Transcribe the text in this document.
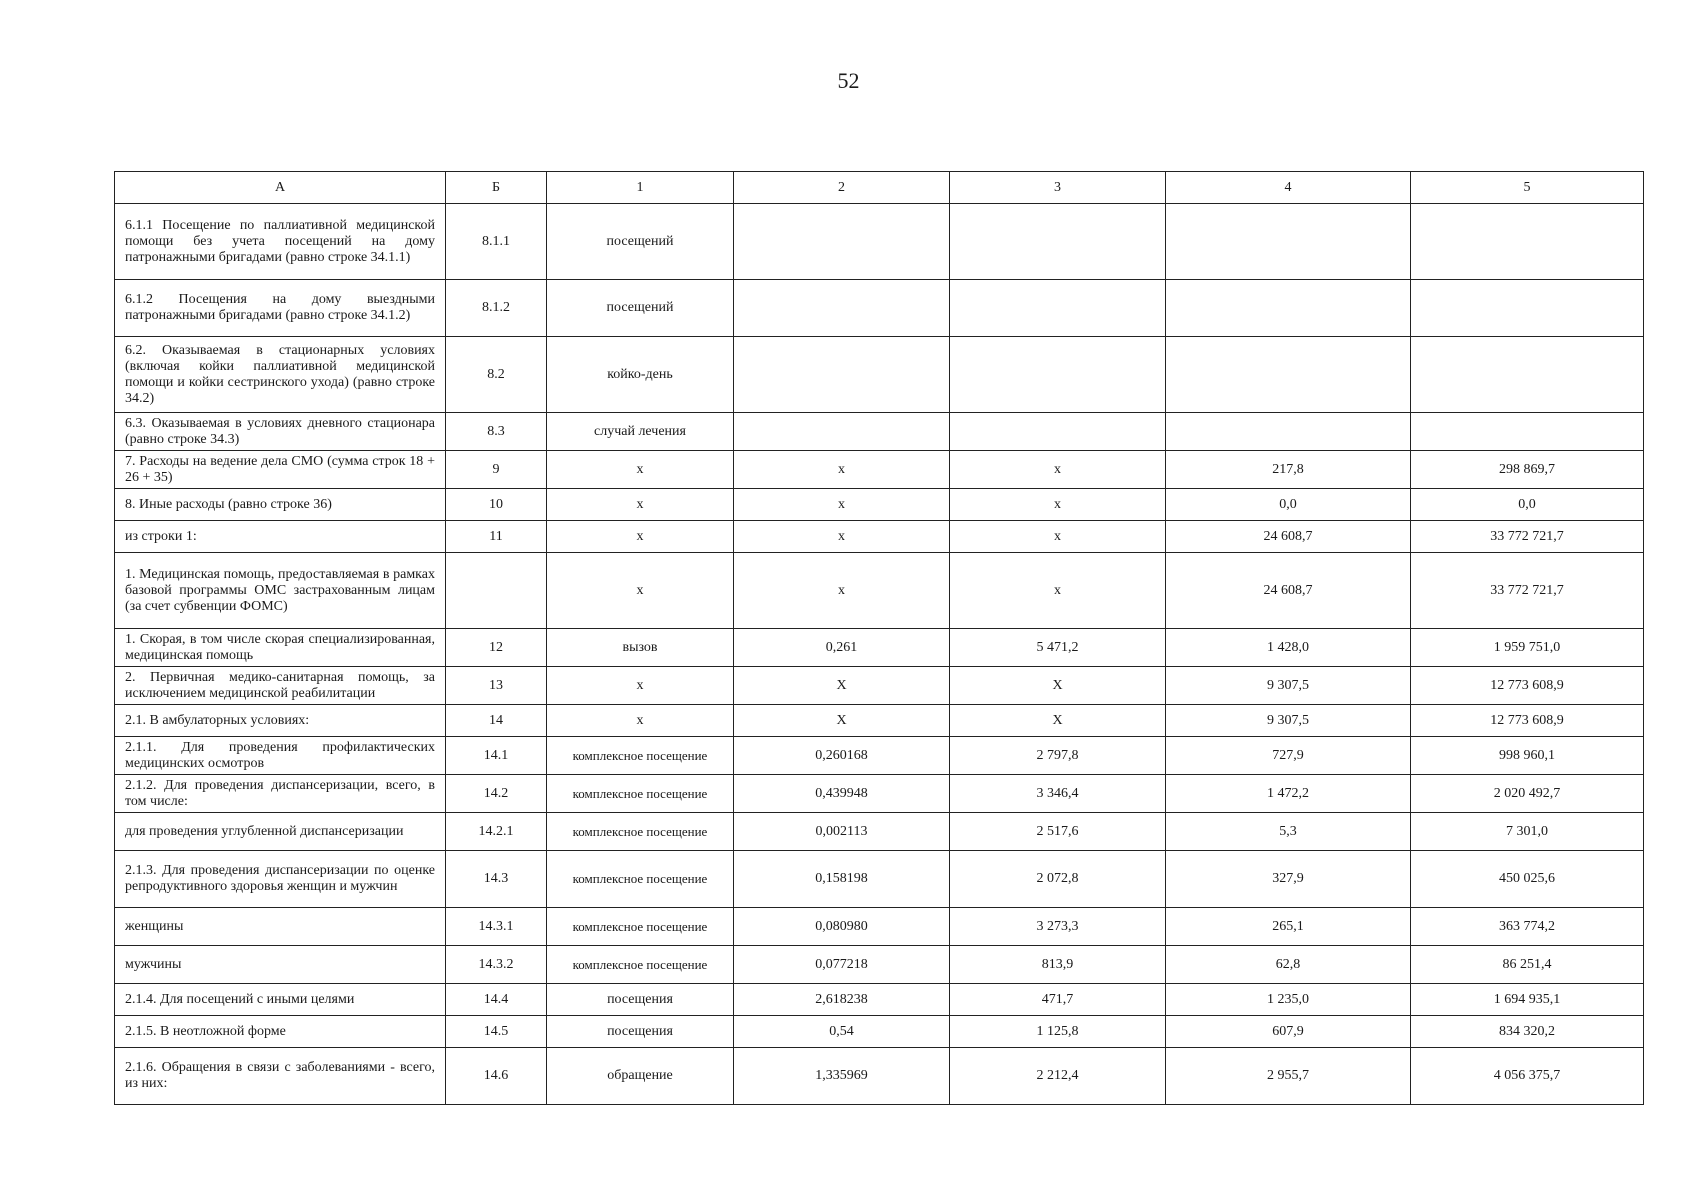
52
А	Б	1	2	3	4	5
6.1.1 Посещение по паллиативной медицинской помощи без учета посещений на дому патронажными бригадами (равно строке 34.1.1)	8.1.1	посещений				
6.1.2 Посещения на дому выездными патронажными бригадами (равно строке 34.1.2)	8.1.2	посещений				
6.2. Оказываемая в стационарных условиях (включая койки паллиативной медицинской помощи и койки сестринского ухода) (равно строке 34.2)	8.2	койко-день				
6.3. Оказываемая в условиях дневного стационара (равно строке 34.3)	8.3	случай лечения				
7. Расходы на ведение дела СМО (сумма строк 18 + 26 + 35)	9	х	х	х	217,8	298 869,7
8. Иные расходы (равно строке 36)	10	х	х	х	0,0	0,0
из строки 1:	11	х	х	х	24 608,7	33 772 721,7
1. Медицинская помощь, предоставляемая в рамках базовой программы ОМС застрахованным лицам (за счет субвенции ФОМС)		х	х	х	24 608,7	33 772 721,7
1. Скорая, в том числе скорая специализированная, медицинская помощь	12	вызов	0,261	5 471,2	1 428,0	1 959 751,0
2. Первичная медико-санитарная помощь, за исключением медицинской реабилитации	13	х	Х	Х	9 307,5	12 773 608,9
2.1. В амбулаторных условиях:	14	х	Х	Х	9 307,5	12 773 608,9
2.1.1. Для проведения профилактических медицинских осмотров	14.1	комплексное посещение	0,260168	2 797,8	727,9	998 960,1
2.1.2. Для проведения диспансеризации, всего, в том числе:	14.2	комплексное посещение	0,439948	3 346,4	1 472,2	2 020 492,7
для проведения углубленной диспансеризации	14.2.1	комплексное посещение	0,002113	2 517,6	5,3	7 301,0
2.1.3. Для проведения диспансеризации по оценке репродуктивного здоровья женщин и мужчин	14.3	комплексное посещение	0,158198	2 072,8	327,9	450 025,6
женщины	14.3.1	комплексное посещение	0,080980	3 273,3	265,1	363 774,2
мужчины	14.3.2	комплексное посещение	0,077218	813,9	62,8	86 251,4
2.1.4. Для посещений с иными целями	14.4	посещения	2,618238	471,7	1 235,0	1 694 935,1
2.1.5. В неотложной форме	14.5	посещения	0,54	1 125,8	607,9	834 320,2
2.1.6. Обращения в связи с заболеваниями - всего, из них:	14.6	обращение	1,335969	2 212,4	2 955,7	4 056 375,7
